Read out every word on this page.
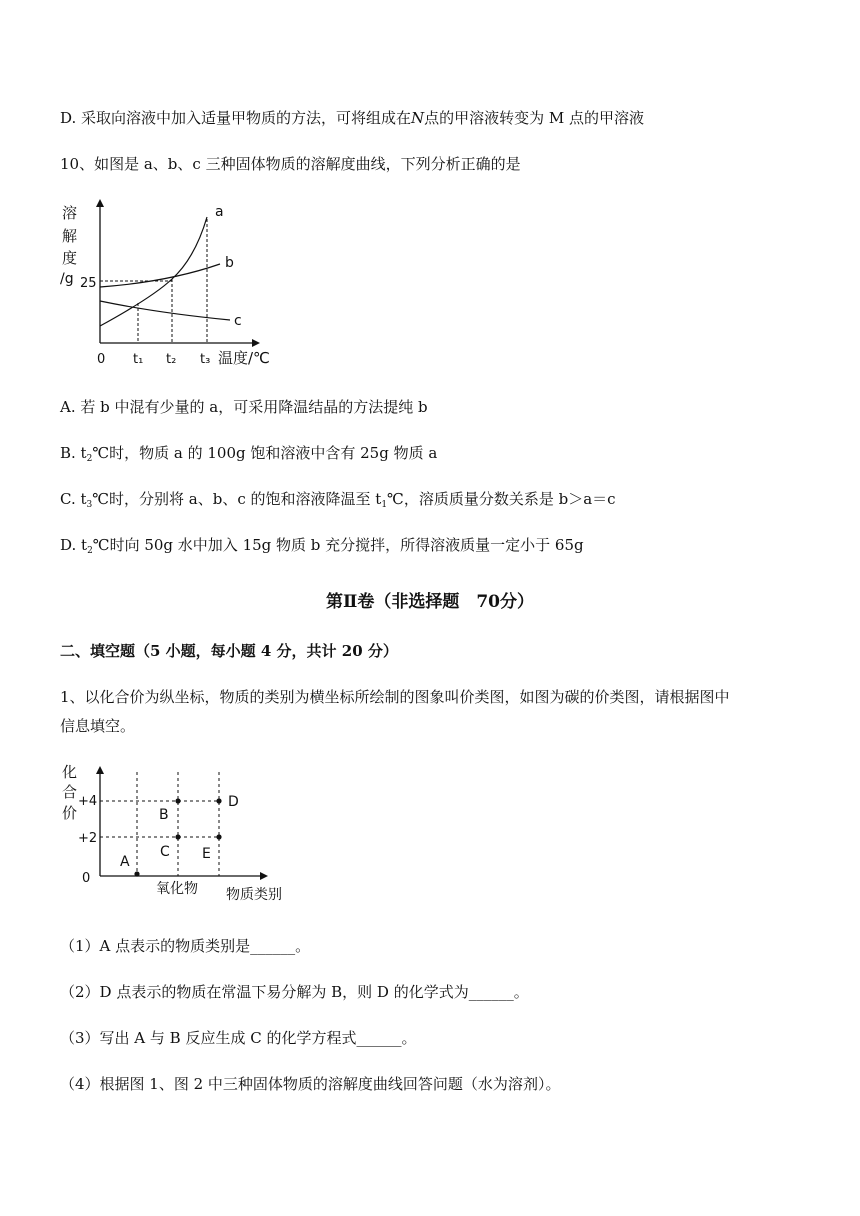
D. 采取向溶液中加入适量甲物质的方法，可将组成在N点的甲溶液转变为 M 点的甲溶液
10、如图是 a、b、c 三种固体物质的溶解度曲线，下列分析正确的是
溶
解
度
/g 25
a
b
c
0 t₁ t₂ t₃ 温度/℃
A. 若 b 中混有少量的 a，可采用降温结晶的方法提纯 b
B. $t_2℃$时，物质 a 的 100g 饱和溶液中含有 25g 物质 a
C. $t_3℃$时，分别将 a、b、c 的饱和溶液降温至 $t_1℃$，溶质质量分数关系是 b＞a＝c
D. $t_2℃$时向 50g 水中加入 15g 物质 b 充分搅拌，所得溶液质量一定小于 65g
第Ⅱ卷（非选择题　70分）
二、填空题（5 小题，每小题 4 分，共计 20 分）
1、以化合价为纵坐标，物质的类别为横坐标所绘制的图象叫价类图，如图为碳的价类图，请根据图中
信息填空。
化
合
价
+4
+2
0
A
B
C
D
E
氧化物 物质类别
（1）A 点表示的物质类别是______。
（2）D 点表示的物质在常温下易分解为 B，则 D 的化学式为______。
（3）写出 A 与 B 反应生成 C 的化学方程式______。
（4）根据图 1、图 2 中三种固体物质的溶解度曲线回答问题（水为溶剂）。
